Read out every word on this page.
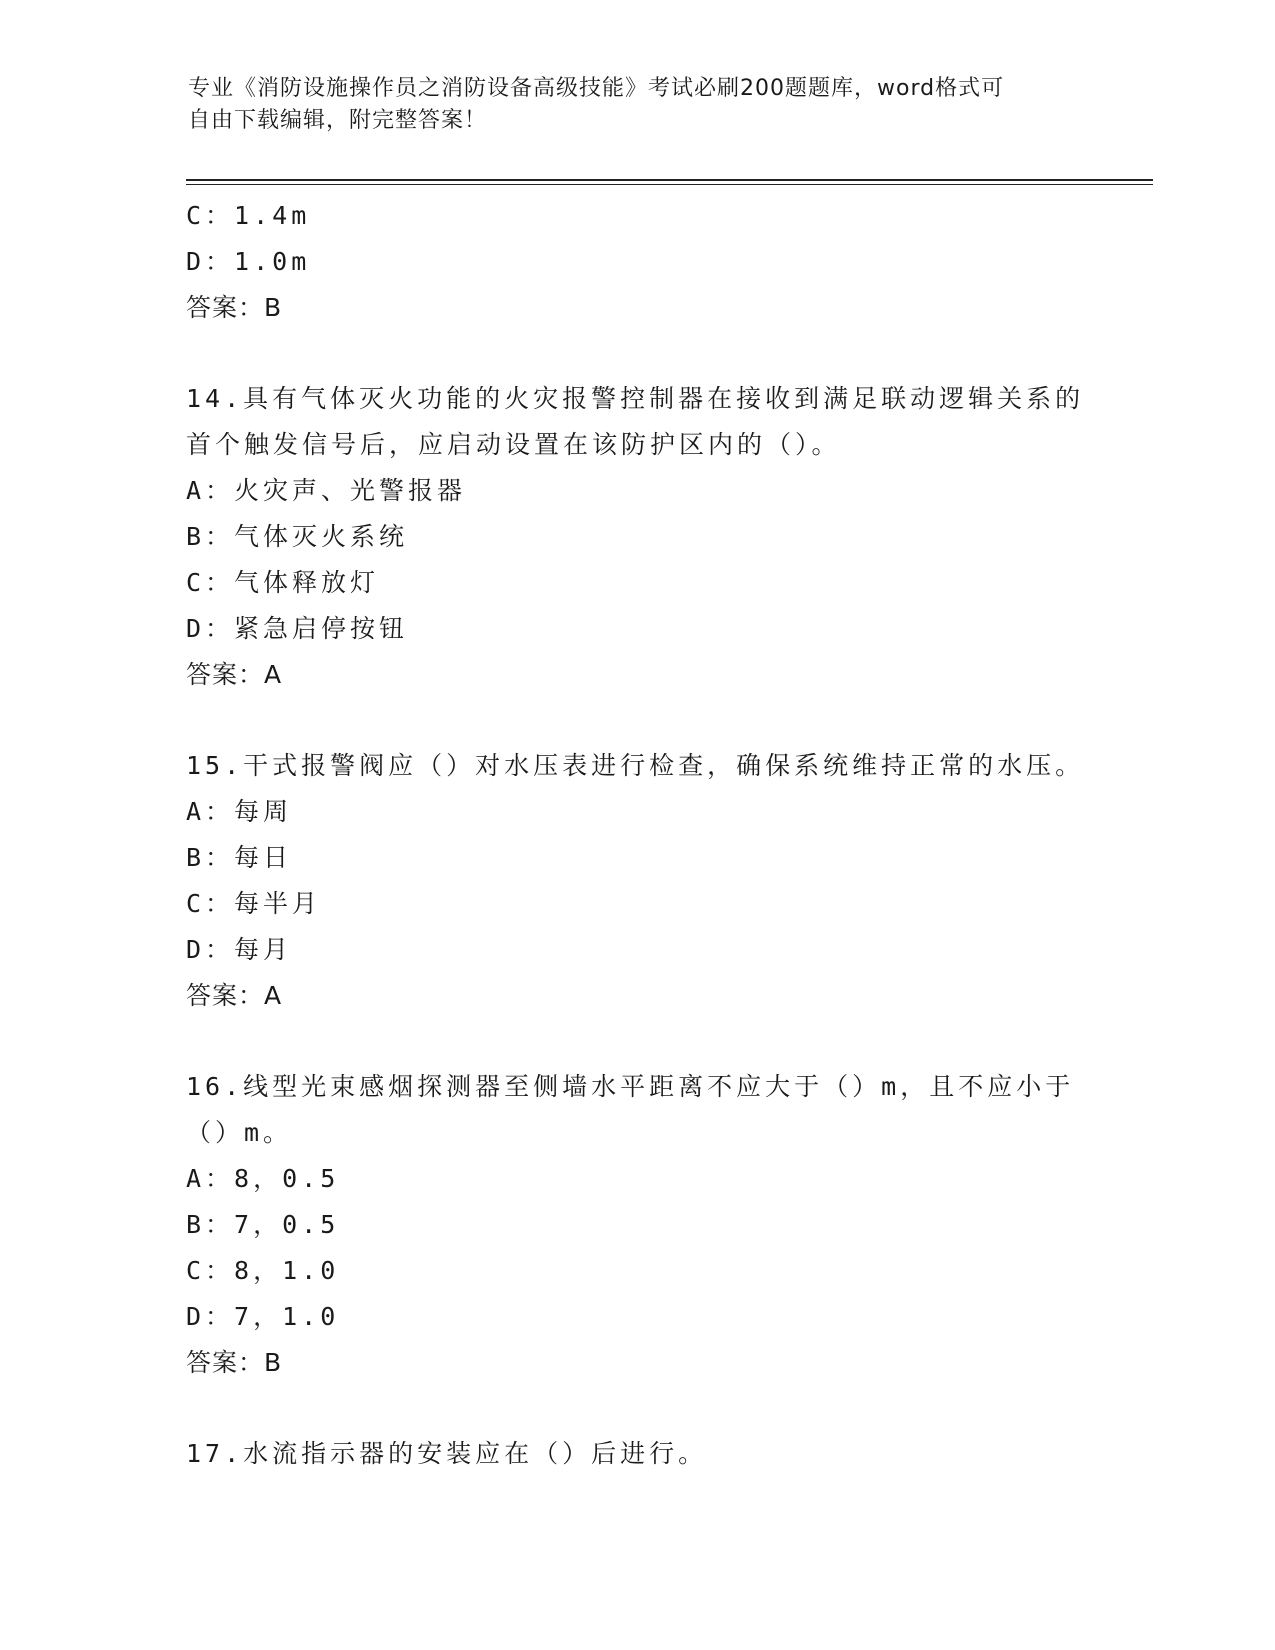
专业《消防设施操作员之消防设备高级技能》考试必刷200题题库，word格式可
自由下载编辑，附完整答案！
C：1.4m
D：1.0m
答案：B
14.具有气体灭火功能的火灾报警控制器在接收到满足联动逻辑关系的
首个触发信号后，应启动设置在该防护区内的（）。
A：火灾声、光警报器
B：气体灭火系统
C：气体释放灯
D：紧急启停按钮
答案：A
15.干式报警阀应（）对水压表进行检查，确保系统维持正常的水压。
A：每周
B：每日
C：每半月
D：每月
答案：A
16.线型光束感烟探测器至侧墙水平距离不应大于（）m，且不应小于
（）m。
A：8，0.5
B：7，0.5
C：8，1.0
D：7，1.0
答案：B
17.水流指示器的安装应在（）后进行。
